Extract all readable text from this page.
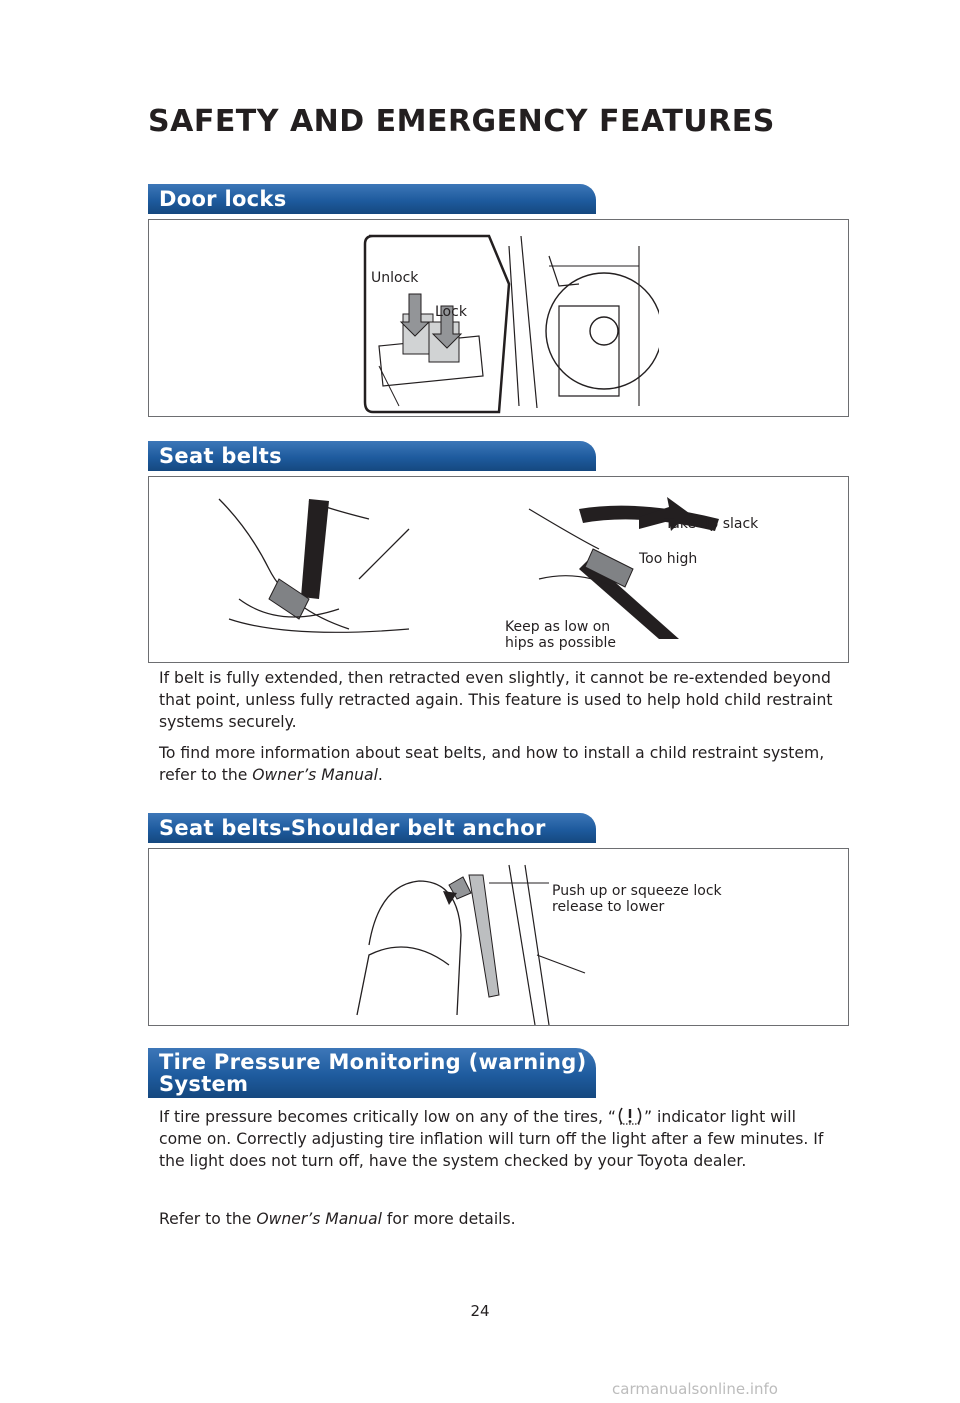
SAFETY AND EMERGENCY FEATURES
Door locks
Unlock
Lock
Seat belts
Take up slack
Too high
Keep as low on
hips as possible

If belt is fully extended, then retracted even slightly, it cannot be re-extended beyond that point, unless fully retracted again. This feature is used to help hold child restraint systems securely.

To find more information about seat belts, and how to install a child restraint system, refer to the Owner’s Manual.

Seat belts-Shoulder belt anchor
Push up or squeeze lock
release to lower
Tire Pressure Monitoring (warning)
System

If tire pressure becomes critically low on any of the tires, “ ” indicator light will come on. Correctly adjusting tire inflation will turn off the light after a few minutes. If the light does not turn off, have the system checked by your Toyota dealer.

Refer to the Owner’s Manual for more details.

24
carmanualsonline.info
